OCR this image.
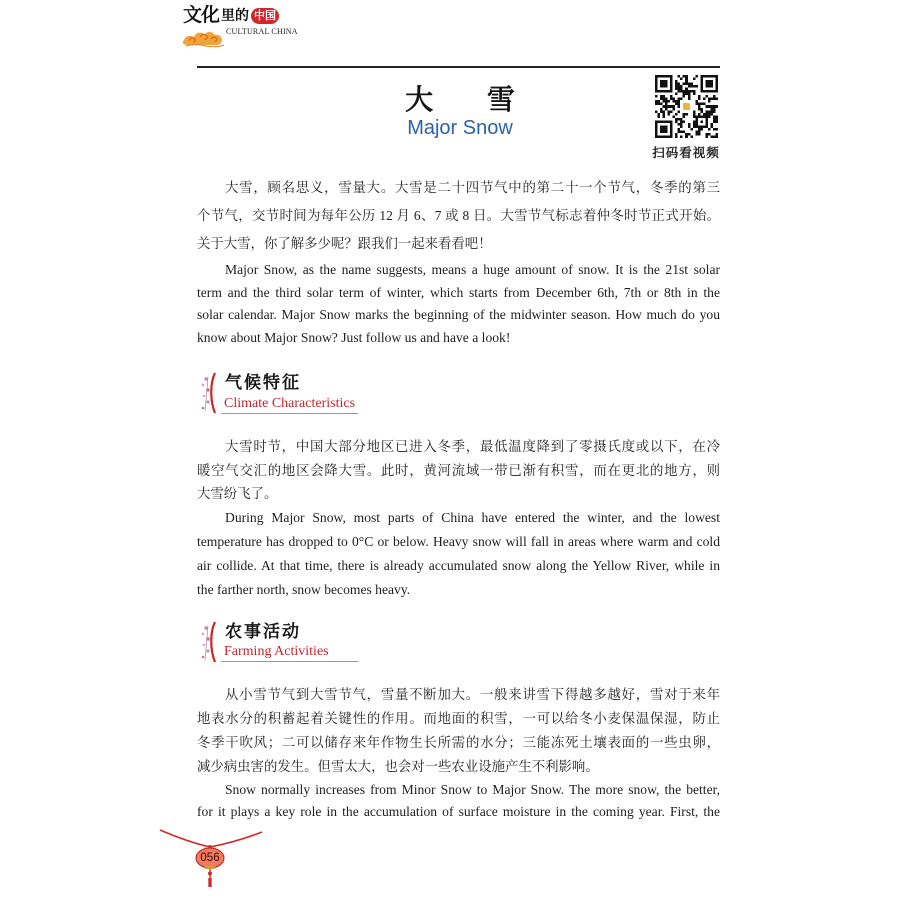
文化 里的 中国
CULTURAL CHINA
大 雪
Major Snow
扫码看视频
大雪，顾名思义，雪量大。大雪是二十四节气中的第二十一个节气，冬季的第三
个节气，交节时间为每年公历 12 月 6、7 或 8 日。大雪节气标志着仲冬时节正式开始。
关于大雪，你了解多少呢？跟我们一起来看看吧！
Major Snow, as the name suggests, means a huge amount of snow. It is the 21st solar
term and the third solar term of winter, which starts from December 6th, 7th or 8th in the
solar calendar. Major Snow marks the beginning of the midwinter season. How much do you
know about Major Snow? Just follow us and have a look!
气候特征
Climate Characteristics
大雪时节，中国大部分地区已进入冬季，最低温度降到了零摄氏度或以下，在冷
暖空气交汇的地区会降大雪。此时，黄河流域一带已渐有积雪，而在更北的地方，则
大雪纷飞了。
During Major Snow, most parts of China have entered the winter, and the lowest
temperature has dropped to 0°C or below. Heavy snow will fall in areas where warm and cold
air collide. At that time, there is already accumulated snow along the Yellow River, while in
the farther north, snow becomes heavy.
农事活动
Farming Activities
从小雪节气到大雪节气，雪量不断加大。一般来讲雪下得越多越好，雪对于来年
地表水分的积蓄起着关键性的作用。而地面的积雪，一可以给冬小麦保温保湿，防止
冬季干吹风；二可以储存来年作物生长所需的水分；三能冻死土壤表面的一些虫卵，
减少病虫害的发生。但雪太大，也会对一些农业设施产生不利影响。
Snow normally increases from Minor Snow to Major Snow. The more snow, the better,
for it plays a key role in the accumulation of surface moisture in the coming year. First, the
056
